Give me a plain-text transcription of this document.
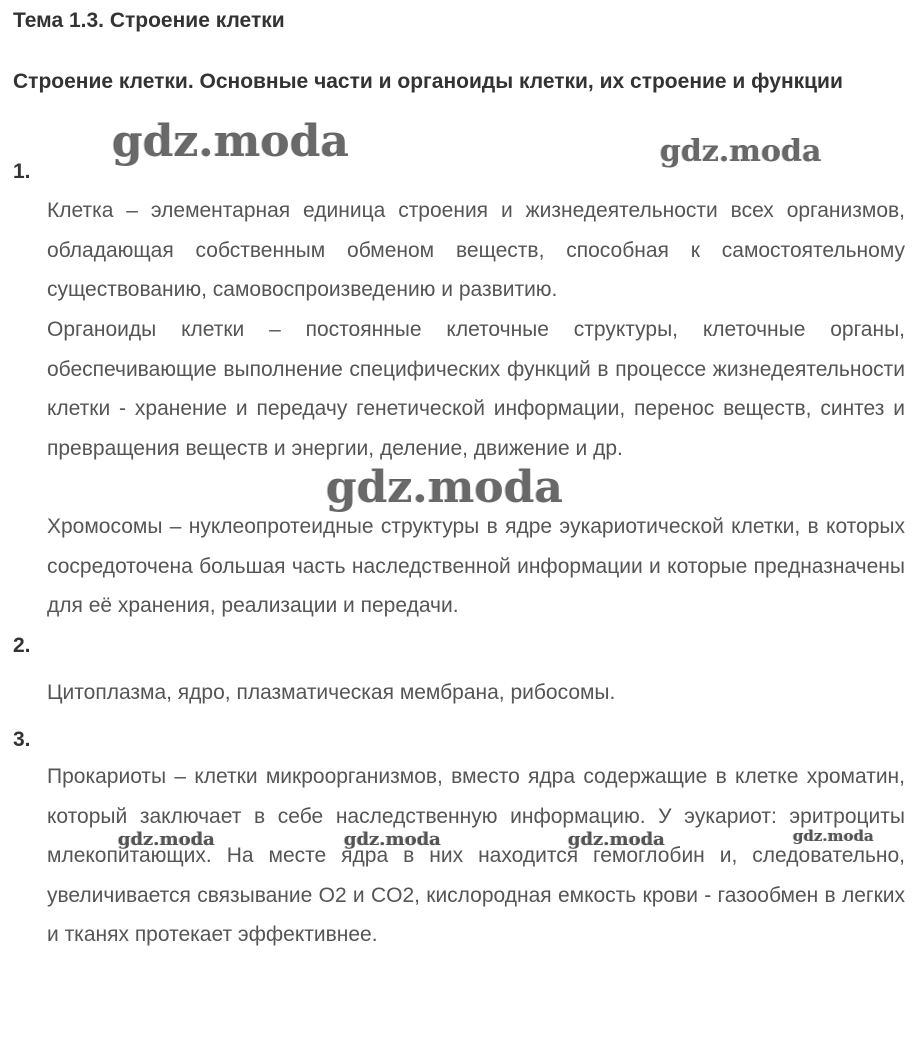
Тема 1.3. Строение клетки
Строение клетки. Основные части и органоиды клетки, их строение и функции
1.

Клетка – элементарная единица строения и жизнедеятельности всех организмов, обладающая собственным обменом веществ, способная к самостоятельному существованию, самовоспроизведению и развитию.

Органоиды клетки – постоянные клеточные структуры, клеточные органы, обеспечивающие выполнение специфических функций в процессе жизнедеятельности клетки - хранение и передачу генетической информации, перенос веществ, синтез и превращения веществ и энергии, деление, движение и др.

Хромосомы – нуклеопротеидные структуры в ядре эукариотической клетки, в которых сосредоточена большая часть наследственной информации и которые предназначены для её хранения, реализации и передачи.

2.

Цитоплазма, ядро, плазматическая мембрана, рибосомы.

3.

Прокариоты – клетки микроорганизмов, вместо ядра содержащие в клетке хроматин, который заключает в себе наследственную информацию. У эукариот: эритроциты млекопитающих. На месте ядра в них находится гемоглобин и, следовательно, увеличивается связывание O2 и CO2, кислородная емкость крови - газообмен в легких и тканях протекает эффективнее.

gdz.moda	gdz.moda
gdz.moda
gdz.moda	gdz.moda	gdz.moda	gdz.moda
